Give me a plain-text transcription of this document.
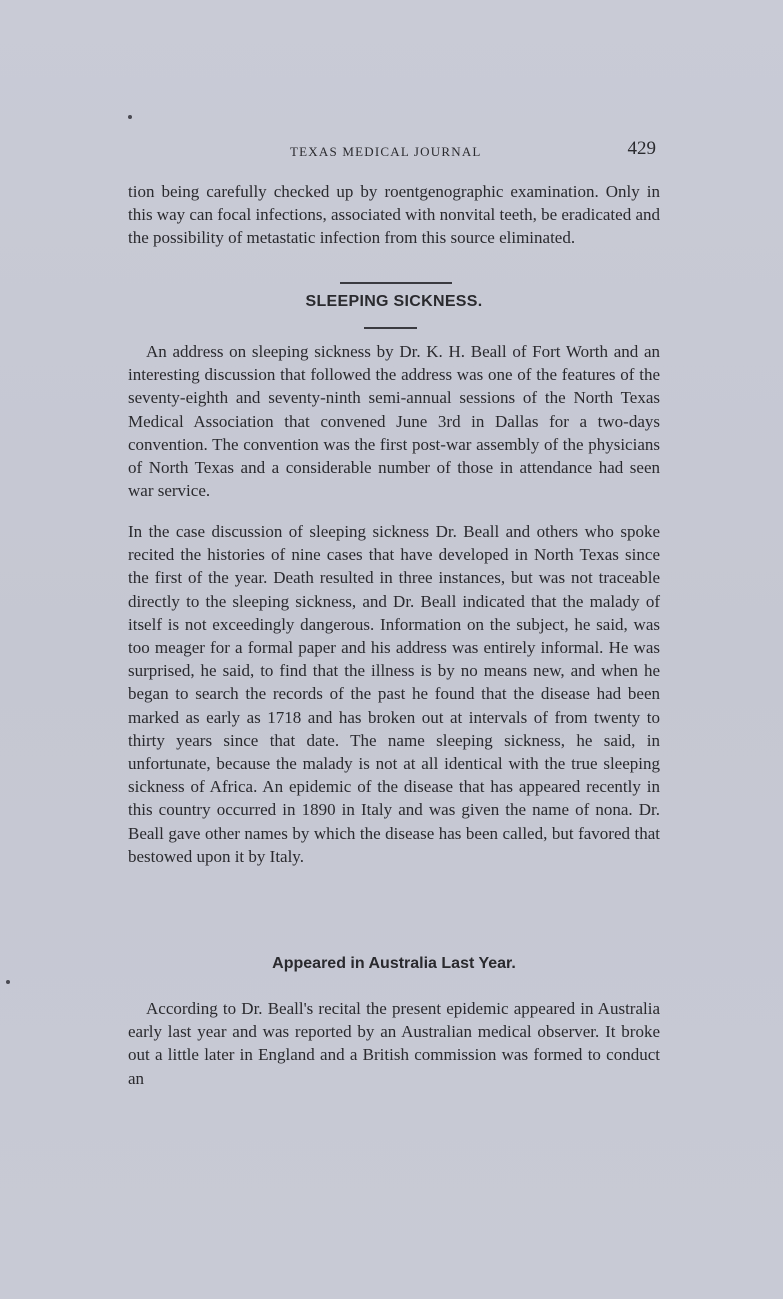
TEXAS MEDICAL JOURNAL	429

tion being carefully checked up by roentgenographic examination. Only in this way can focal infections, associated with nonvital teeth, be eradicated and the possibility of metastatic infection from this source eliminated.

SLEEPING SICKNESS.

An address on sleeping sickness by Dr. K. H. Beall of Fort Worth and an interesting discussion that followed the address was one of the features of the seventy-eighth and seventy-ninth semi-annual sessions of the North Texas Medical Association that convened June 3rd in Dallas for a two-days convention. The convention was the first post-war assembly of the physicians of North Texas and a considerable number of those in attendance had seen war service.

In the case discussion of sleeping sickness Dr. Beall and others who spoke recited the histories of nine cases that have developed in North Texas since the first of the year. Death resulted in three instances, but was not traceable directly to the sleeping sickness, and Dr. Beall indicated that the malady of itself is not exceedingly dangerous. Information on the subject, he said, was too meager for a formal paper and his address was entirely informal. He was surprised, he said, to find that the illness is by no means new, and when he began to search the records of the past he found that the disease had been marked as early as 1718 and has broken out at intervals of from twenty to thirty years since that date. The name sleeping sickness, he said, in unfortunate, because the malady is not at all identical with the true sleeping sickness of Africa. An epidemic of the disease that has appeared recently in this country occurred in 1890 in Italy and was given the name of nona. Dr. Beall gave other names by which the disease has been called, but favored that bestowed upon it by Italy.

Appeared in Australia Last Year.

According to Dr. Beall's recital the present epidemic appeared in Australia early last year and was reported by an Australian medical observer. It broke out a little later in England and a British commission was formed to conduct an
